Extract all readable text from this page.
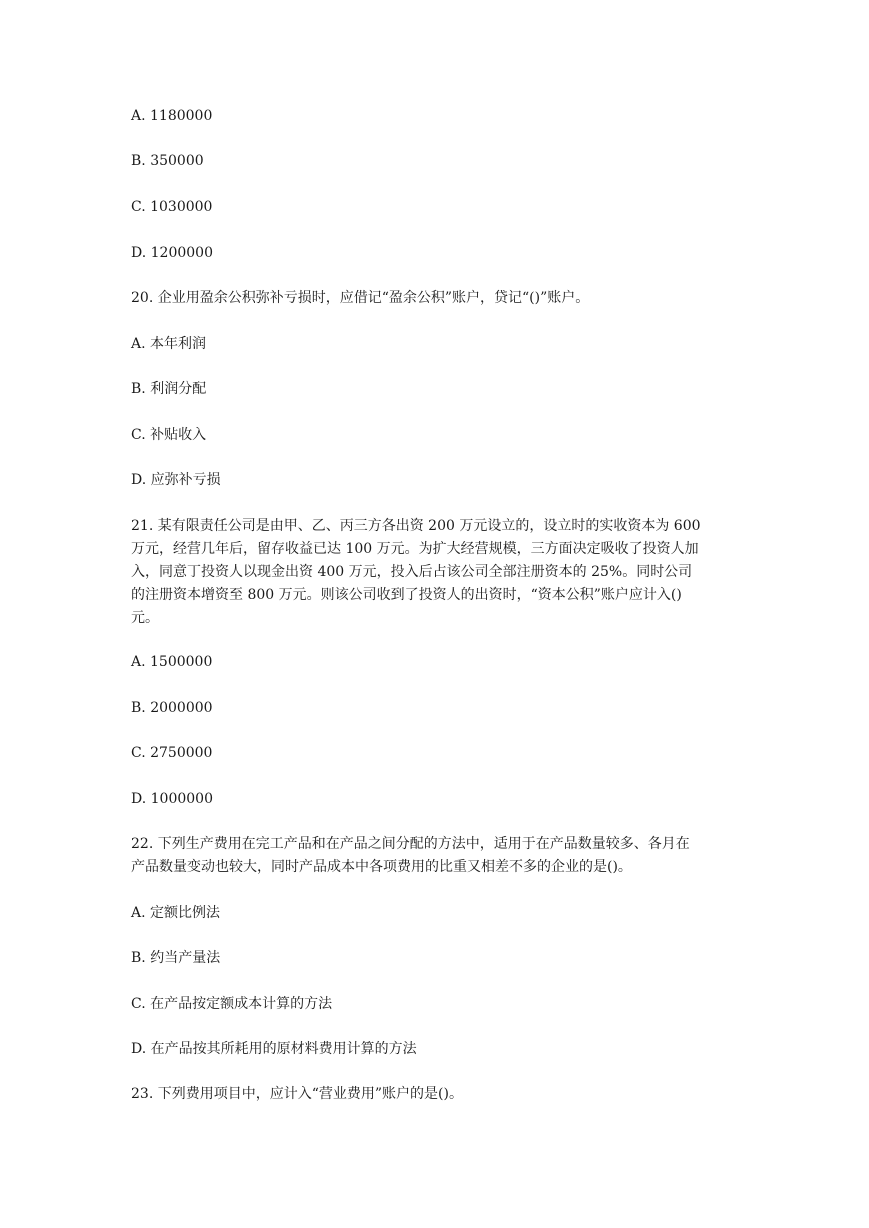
A. 1180000
B. 350000
C. 1030000
D. 1200000
20. 企业用盈余公积弥补亏损时，应借记“盈余公积”账户，贷记“()”账户。
A. 本年利润
B. 利润分配
C. 补贴收入
D. 应弥补亏损
21. 某有限责任公司是由甲、乙、丙三方各出资 200 万元设立的，设立时的实收资本为 600
万元，经营几年后，留存收益已达 100 万元。为扩大经营规模，三方面决定吸收了投资人加
入，同意丁投资人以现金出资 400 万元，投入后占该公司全部注册资本的 25%。同时公司
的注册资本增资至 800 万元。则该公司收到了投资人的出资时，“资本公积”账户应计入()
元。
A. 1500000
B. 2000000
C. 2750000
D. 1000000
22. 下列生产费用在完工产品和在产品之间分配的方法中，适用于在产品数量较多、各月在
产品数量变动也较大，同时产品成本中各项费用的比重又相差不多的企业的是()。
A. 定额比例法
B. 约当产量法
C. 在产品按定额成本计算的方法
D. 在产品按其所耗用的原材料费用计算的方法
23. 下列费用项目中，应计入“营业费用”账户的是()。
